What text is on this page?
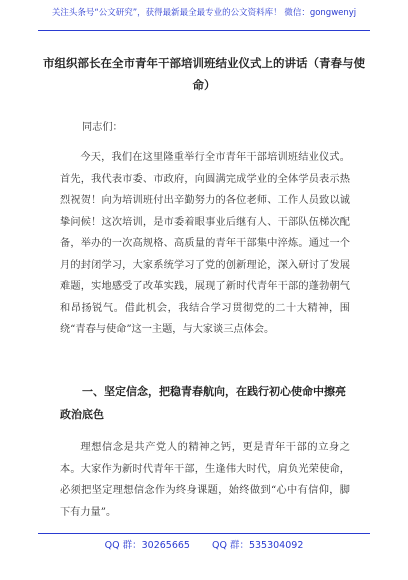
关注头条号“公文研究”，获得最新最全最专业的公文资料库！ 微信：gongwenyj
市组织部长在全市青年干部培训班结业仪式上的讲话（青春与使命）

同志们：

今天，我们在这里隆重举行全市青年干部培训班结业仪式。首先，我代表市委、市政府，向圆满完成学业的全体学员表示热烈祝贺！向为培训班付出辛勤努力的各位老师、工作人员致以诚挚问候！这次培训，是市委着眼事业后继有人、干部队伍梯次配备，举办的一次高规格、高质量的青年干部集中淬炼。通过一个月的封闭学习，大家系统学习了党的创新理论，深入研讨了发展难题，实地感受了改革实践，展现了新时代青年干部的蓬勃朝气和昂扬锐气。借此机会，我结合学习贯彻党的二十大精神，围绕“青春与使命”这一主题，与大家谈三点体会。

一、坚定信念，把稳青春航向，在践行初心使命中擦亮政治底色

理想信念是共产党人的精神之钙，更是青年干部的立身之本。大家作为新时代青年干部，生逢伟大时代，肩负光荣使命，必须把坚定理想信念作为终身课题，始终做到“心中有信仰，脚下有力量”。

QQ 群：30265665 QQ 群：535304092
